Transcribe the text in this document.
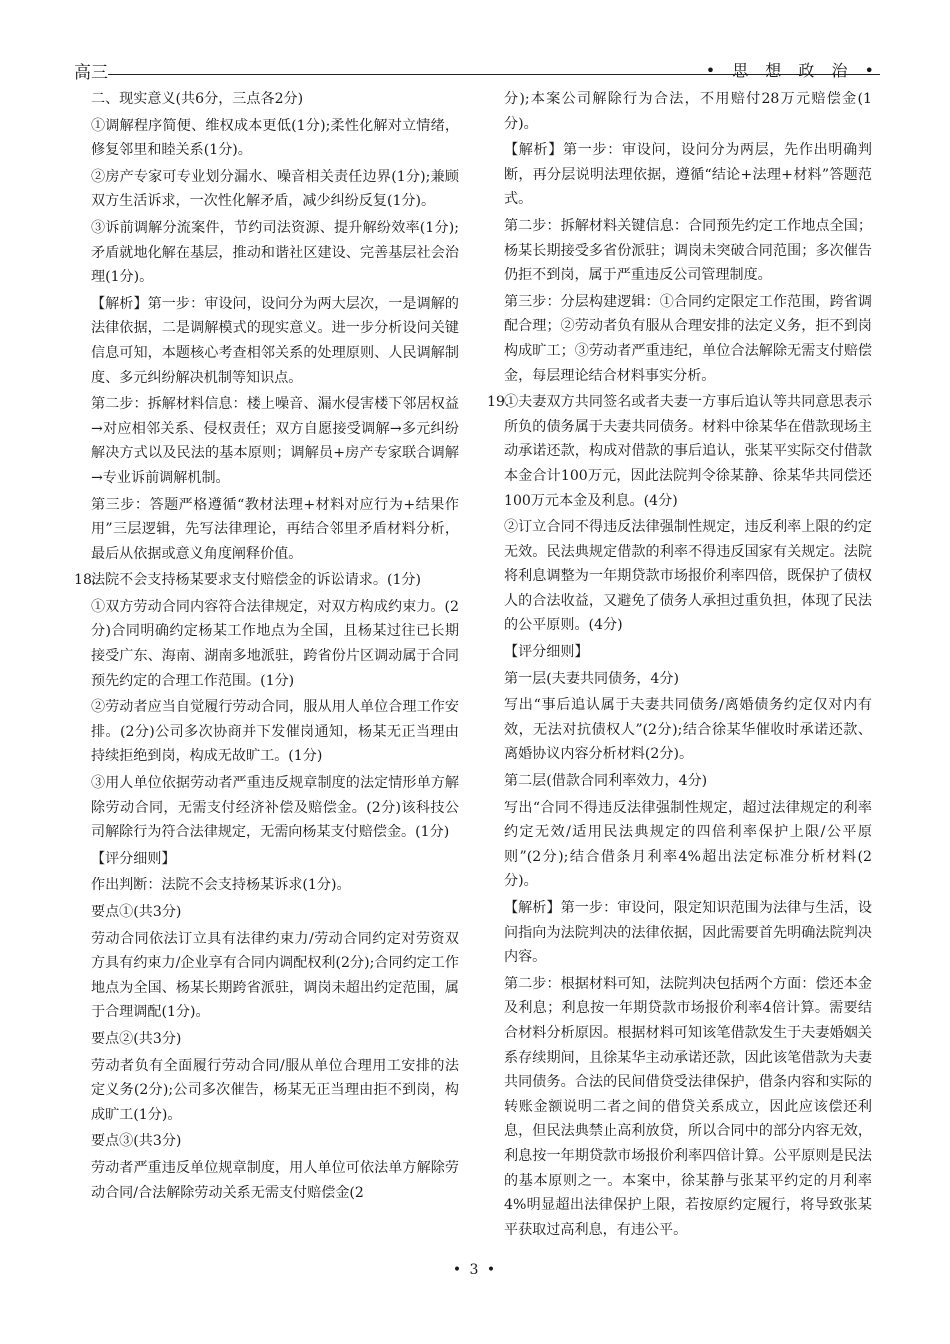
高三	• 思 想 政 治 •

二、现实意义(共6分，三点各2分)

①调解程序简便、维权成本更低(1分);柔性化解对立情绪，修复邻里和睦关系(1分)。

②房产专家可专业划分漏水、噪音相关责任边界(1分);兼顾双方生活诉求，一次性化解矛盾，减少纠纷反复(1分)。

③诉前调解分流案件，节约司法资源、提升解纷效率(1分);矛盾就地化解在基层，推动和谐社区建设、完善基层社会治理(1分)。

【解析】第一步：审设问，设问分为两大层次，一是调解的法律依据，二是调解模式的现实意义。进一步分析设问关键信息可知，本题核心考查相邻关系的处理原则、人民调解制度、多元纠纷解决机制等知识点。

第二步：拆解材料信息：楼上噪音、漏水侵害楼下邻居权益→对应相邻关系、侵权责任；双方自愿接受调解→多元纠纷解决方式以及民法的基本原则；调解员+房产专家联合调解→专业诉前调解机制。

第三步：答题严格遵循“教材法理+材料对应行为+结果作用”三层逻辑，先写法律理论，再结合邻里矛盾材料分析，最后从依据或意义角度阐释价值。

18.
法院不会支持杨某要求支付赔偿金的诉讼请求。(1分)

①双方劳动合同内容符合法律规定，对双方构成约束力。(2分)合同明确约定杨某工作地点为全国，且杨某过往已长期接受广东、海南、湖南多地派驻，跨省份片区调动属于合同预先约定的合理工作范围。(1分)

②劳动者应当自觉履行劳动合同，服从用人单位合理工作安排。(2分)公司多次协商并下发催岗通知，杨某无正当理由持续拒绝到岗，构成无故旷工。(1分)

③用人单位依据劳动者严重违反规章制度的法定情形单方解除劳动合同，无需支付经济补偿及赔偿金。(2分)该科技公司解除行为符合法律规定，无需向杨某支付赔偿金。(1分)

【评分细则】

作出判断：法院不会支持杨某诉求(1分)。

要点①(共3分)

劳动合同依法订立具有法律约束力/劳动合同约定对劳资双方具有约束力/企业享有合同内调配权利(2分);合同约定工作地点为全国、杨某长期跨省派驻，调岗未超出约定范围，属于合理调配(1分)。

要点②(共3分)

劳动者负有全面履行劳动合同/服从单位合理用工安排的法定义务(2分);公司多次催告，杨某无正当理由拒不到岗，构成旷工(1分)。

要点③(共3分)

劳动者严重违反单位规章制度，用人单位可依法单方解除劳动合同/合法解除劳动关系无需支付赔偿金(2

分);本案公司解除行为合法，不用赔付28万元赔偿金(1分)。

【解析】第一步：审设问，设问分为两层，先作出明确判断，再分层说明法理依据，遵循“结论+法理+材料”答题范式。

第二步：拆解材料关键信息：合同预先约定工作地点全国；杨某长期接受多省份派驻；调岗未突破合同范围；多次催告仍拒不到岗，属于严重违反公司管理制度。

第三步：分层构建逻辑：①合同约定限定工作范围，跨省调配合理；②劳动者负有服从合理安排的法定义务，拒不到岗构成旷工；③劳动者严重违纪，单位合法解除无需支付赔偿金，每层理论结合材料事实分析。

19.
①夫妻双方共同签名或者夫妻一方事后追认等共同意思表示所负的债务属于夫妻共同债务。材料中徐某华在借款现场主动承诺还款，构成对借款的事后追认，张某平实际交付借款本金合计100万元，因此法院判令徐某静、徐某华共同偿还100万元本金及利息。(4分)

②订立合同不得违反法律强制性规定，违反利率上限的约定无效。民法典规定借款的利率不得违反国家有关规定。法院将利息调整为一年期贷款市场报价利率四倍，既保护了债权人的合法收益，又避免了债务人承担过重负担，体现了民法的公平原则。(4分)

【评分细则】

第一层(夫妻共同债务，4分)

写出“事后追认属于夫妻共同债务/离婚债务约定仅对内有效，无法对抗债权人”(2分);结合徐某华催收时承诺还款、离婚协议内容分析材料(2分)。

第二层(借款合同利率效力，4分)

写出“合同不得违反法律强制性规定，超过法律规定的利率约定无效/适用民法典规定的四倍利率保护上限/公平原则”(2分);结合借条月利率4%超出法定标准分析材料(2分)。

【解析】第一步：审设问，限定知识范围为法律与生活，设问指向为法院判决的法律依据，因此需要首先明确法院判决内容。

第二步：根据材料可知，法院判决包括两个方面：偿还本金及利息；利息按一年期贷款市场报价利率4倍计算。需要结合材料分析原因。根据材料可知该笔借款发生于夫妻婚姻关系存续期间，且徐某华主动承诺还款，因此该笔借款为夫妻共同债务。合法的民间借贷受法律保护，借条内容和实际的转账金额说明二者之间的借贷关系成立，因此应该偿还利息，但民法典禁止高利放贷，所以合同中的部分内容无效，利息按一年期贷款市场报价利率四倍计算。公平原则是民法的基本原则之一。本案中，徐某静与张某平约定的月利率4%明显超出法律保护上限，若按原约定履行，将导致张某平获取过高利息，有违公平。

• 3 •
